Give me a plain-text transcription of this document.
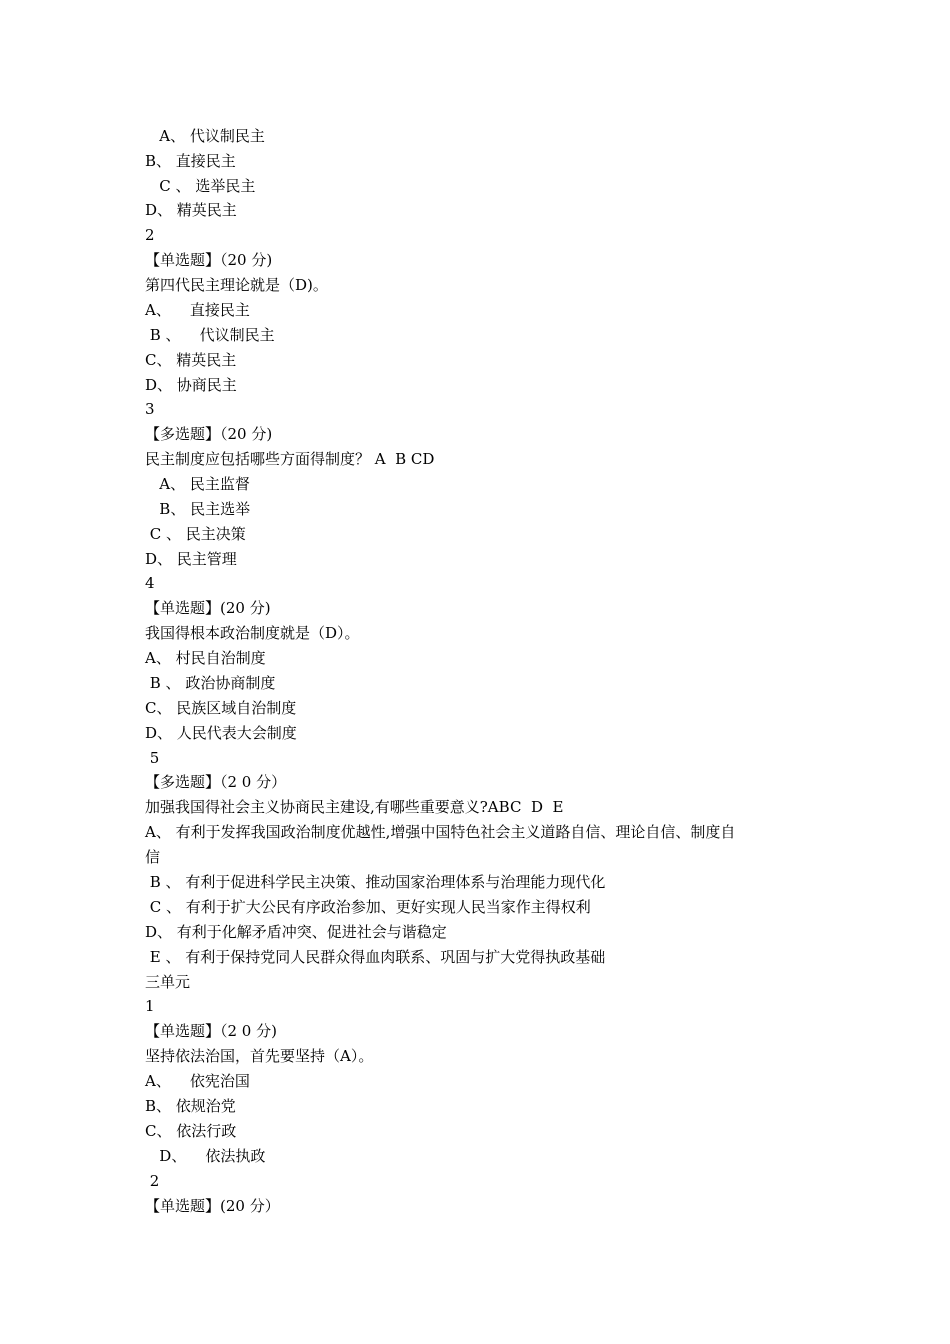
A、 代议制民主
B、 直接民主
C 、 选举民主
D、 精英民主
2
【单选题】（20 分)
第四代民主理论就是（D)。
A、    直接民主
B 、    代议制民主
C、 精英民主
D、 协商民主
3
【多选题】（20 分)
民主制度应包括哪些方面得制度？ A  B CD
A、 民主监督
B、 民主选举
C 、 民主决策
D、 民主管理
4
【单选题】(20 分)
我国得根本政治制度就是（D）。
A、 村民自治制度
B 、 政治协商制度
C、 民族区域自治制度
D、 人民代表大会制度
5
【多选题】（2 0 分）
加强我国得社会主义协商民主建设,有哪些重要意义?ABC  D  E
A、 有利于发挥我国政治制度优越性,增强中国特色社会主义道路自信、理论自信、制度自
信
B 、 有利于促进科学民主决策、推动国家治理体系与治理能力现代化
C 、 有利于扩大公民有序政治参加、更好实现人民当家作主得权利
D、 有利于化解矛盾冲突、促进社会与谐稳定
E 、 有利于保持党同人民群众得血肉联系、巩固与扩大党得执政基础
三单元
1
【单选题】（2 0 分)
坚持依法治国，首先要坚持（A）。
A、    依宪治国
B、 依规治党
C、 依法行政
D、    依法执政
2
【单选题】(20 分）
